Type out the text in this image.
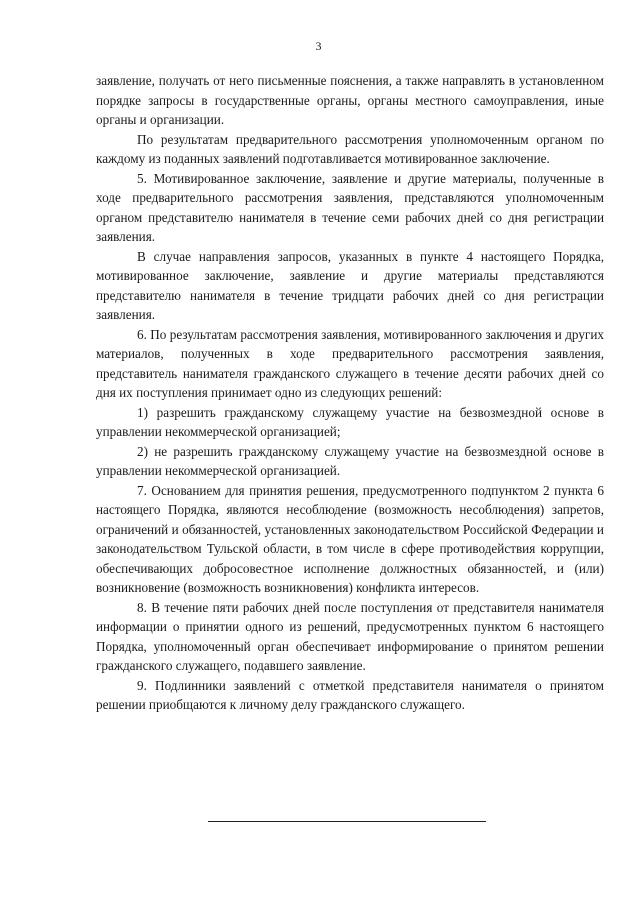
3

заявление, получать от него письменные пояснения, а также направлять в установленном порядке запросы в государственные органы, органы местного самоуправления, иные органы и организации.

По результатам предварительного рассмотрения уполномоченным органом по каждому из поданных заявлений подготавливается мотивированное заключение.

5. Мотивированное заключение, заявление и другие материалы, полученные в ходе предварительного рассмотрения заявления, представляются уполномоченным органом представителю нанимателя в течение семи рабочих дней со дня регистрации заявления.

В случае направления запросов, указанных в пункте 4 настоящего Порядка, мотивированное заключение, заявление и другие материалы представляются представителю нанимателя в течение тридцати рабочих дней со дня регистрации заявления.

6. По результатам рассмотрения заявления, мотивированного заключения и других материалов, полученных в ходе предварительного рассмотрения заявления, представитель нанимателя гражданского служащего в течение десяти рабочих дней со дня их поступления принимает одно из следующих решений:

1) разрешить гражданскому служащему участие на безвозмездной основе в управлении некоммерческой организацией;

2) не разрешить гражданскому служащему участие на безвозмездной основе в управлении некоммерческой организацией.

7. Основанием для принятия решения, предусмотренного подпунктом 2 пункта 6 настоящего Порядка, являются несоблюдение (возможность несоблюдения) запретов, ограничений и обязанностей, установленных законодательством Российской Федерации и законодательством Тульской области, в том числе в сфере противодействия коррупции, обеспечивающих добросовестное исполнение должностных обязанностей, и (или) возникновение (возможность возникновения) конфликта интересов.

8. В течение пяти рабочих дней после поступления от представителя нанимателя информации о принятии одного из решений, предусмотренных пунктом 6 настоящего Порядка, уполномоченный орган обеспечивает информирование о принятом решении гражданского служащего, подавшего заявление.

9. Подлинники заявлений с отметкой представителя нанимателя о принятом решении приобщаются к личному делу гражданского служащего.
